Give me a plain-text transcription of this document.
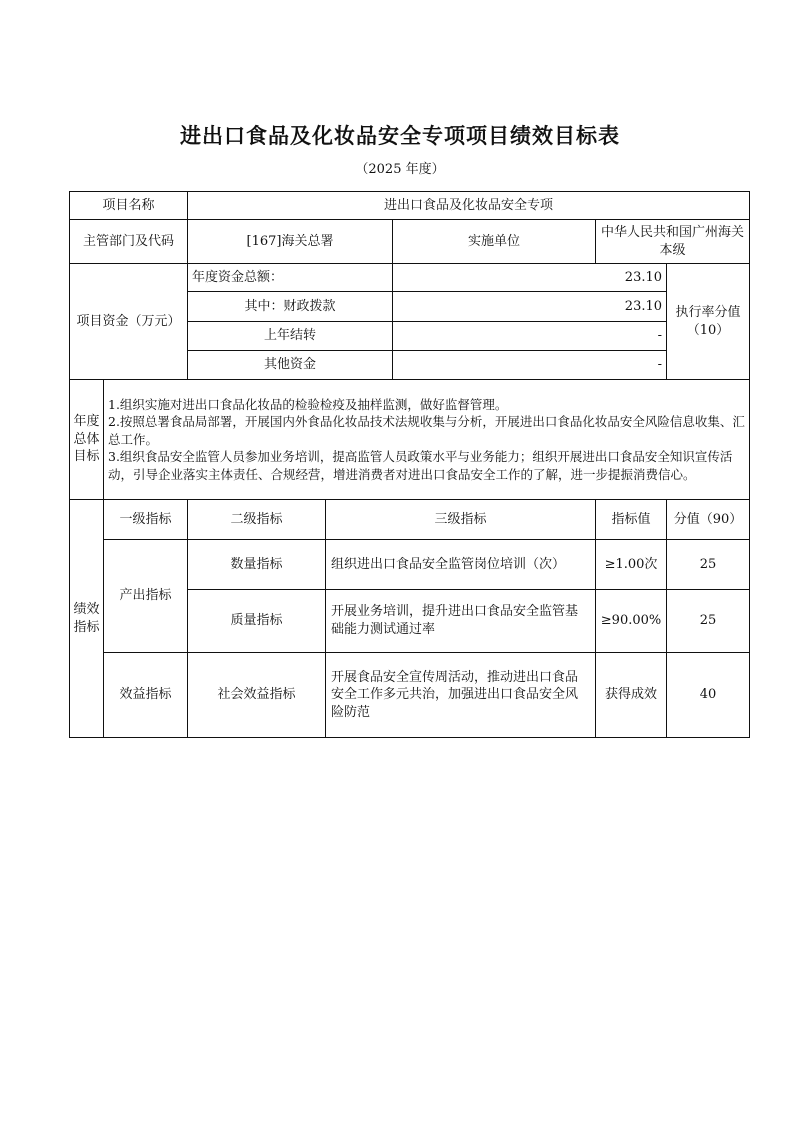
进出口食品及化妆品安全专项项目绩效目标表
（2025 年度）
项目名称		进出口食品及化妆品安全专项				
主管部门及代码		[167]海关总署		实施单位	中华人民共和国广州海关本级	
项目资金（万元）		年度资金总额：		23.10		执行率分值（10）
		其中：财政拨款		23.10		
		上年结转		-		
		其他资金		-		
年度总体目标	1.组织实施对进出口食品化妆品的检验检疫及抽样监测，做好监督管理。
2.按照总署食品局部署，开展国内外食品化妆品技术法规收集与分析，开展进出口食品化妆品安全风险信息收集、汇总工作。
3.组织食品安全监管人员参加业务培训，提高监管人员政策水平与业务能力；组织开展进出口食品安全知识宣传活动，引导企业落实主体责任、合规经营，增进消费者对进出口食品安全工作的了解，进一步提振消费信心。					

绩效指标	一级指标	二级指标	三级指标		指标值	分值（90）
	产出指标	数量指标	组织进出口食品安全监管岗位培训（次）		≥1.00次	25
		质量指标	开展业务培训，提升进出口食品安全监管基础能力测试通过率		≥90.00%	25
	效益指标	社会效益指标	开展食品安全宣传周活动，推动进出口食品安全工作多元共治，加强进出口食品安全风险防范		获得成效	40
